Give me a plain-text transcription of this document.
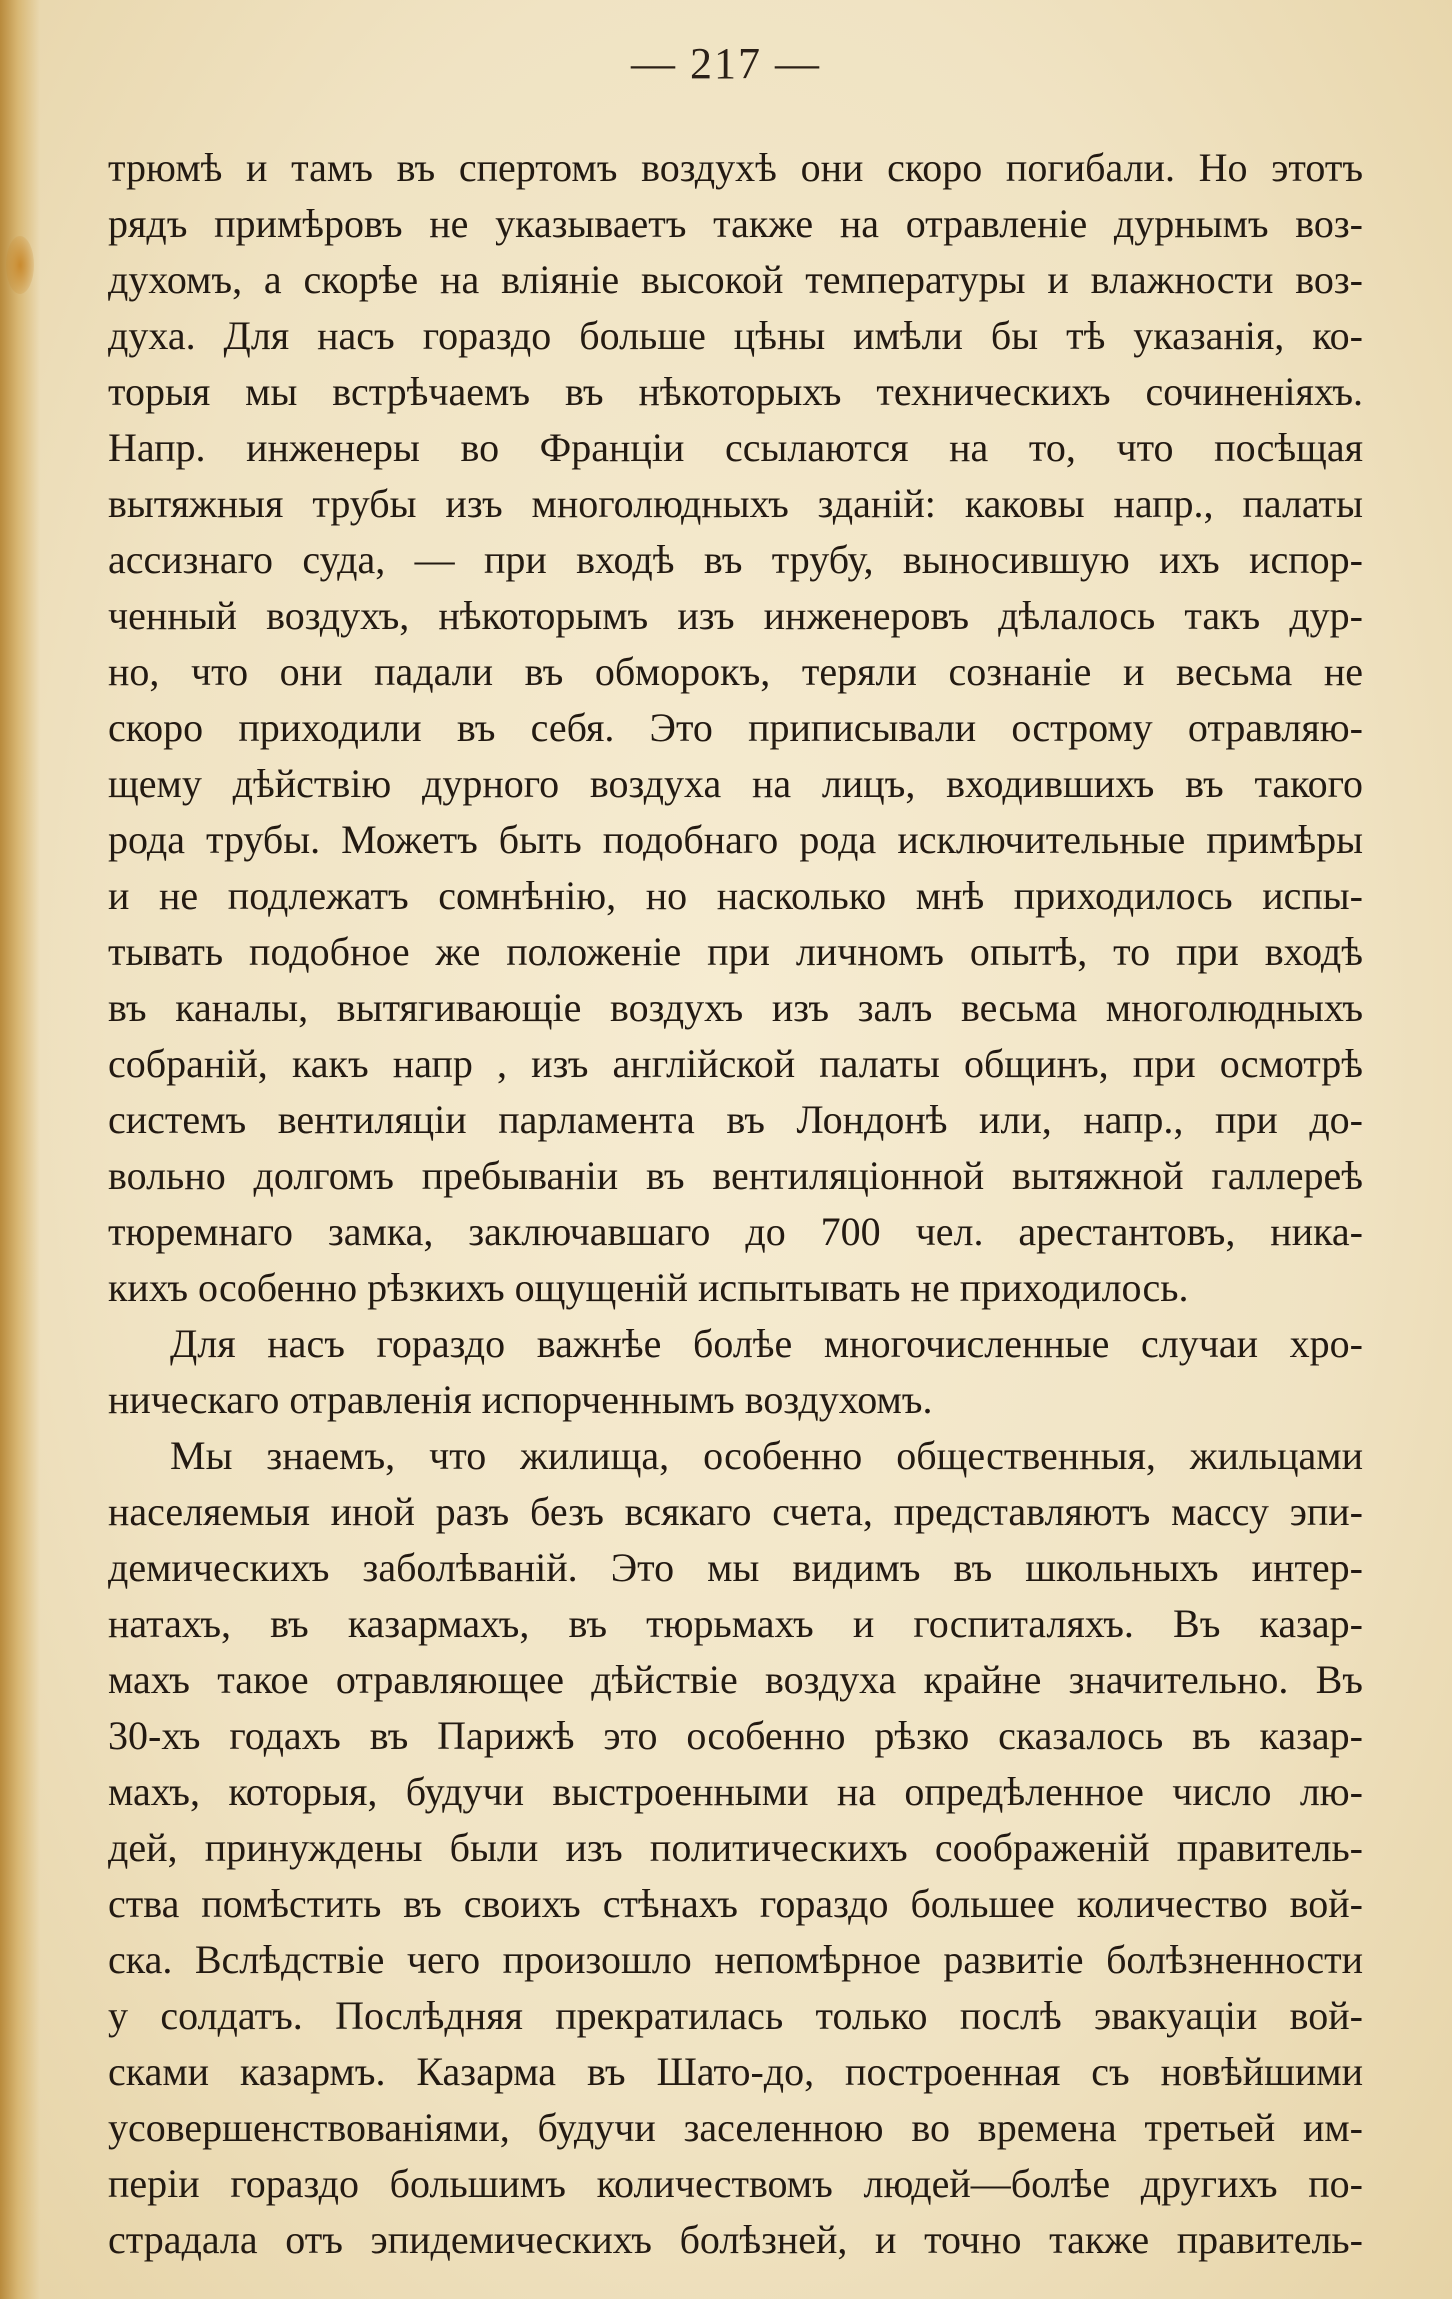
— 217 —
трюмѣ и тамъ въ спертомъ воздухѣ они скоро погибали. Но этотъ
рядъ примѣровъ не указываетъ также на отравленіе дурнымъ воз-
духомъ, а скорѣе на вліяніе высокой температуры и влажности воз-
духа. Для насъ гораздо больше цѣны имѣли бы тѣ указанія, ко-
торыя мы встрѣчаемъ въ нѣкоторыхъ техническихъ сочиненіяхъ.
Напр. инженеры во Франціи ссылаются на то, что посѣщая
вытяжныя трубы изъ многолюдныхъ зданій: каковы напр., палаты
ассизнаго суда, — при входѣ въ трубу, выносившую ихъ испор-
ченный воздухъ, нѣкоторымъ изъ инженеровъ дѣлалось такъ дур-
но, что они падали въ обморокъ, теряли сознаніе и весьма не
скоро приходили въ себя. Это приписывали острому отравляю-
щему дѣйствію дурного воздуха на лицъ, входившихъ въ такого
рода трубы. Можетъ быть подобнаго рода исключительные примѣры
и не подлежатъ сомнѣнію, но насколько мнѣ приходилось испы-
тывать подобное же положеніе при личномъ опытѣ, то при входѣ
въ каналы, вытягивающіе воздухъ изъ залъ весьма многолюдныхъ
собраній, какъ напр , изъ англійской палаты общинъ, при осмотрѣ
системъ вентиляціи парламента въ Лондонѣ или, напр., при до-
вольно долгомъ пребываніи въ вентиляціонной вытяжной галлереѣ
тюремнаго замка, заключавшаго до 700 чел. арестантовъ, ника-
кихъ особенно рѣзкихъ ощущеній испытывать не приходилось.
Для насъ гораздо важнѣе болѣе многочисленные случаи хро-
ническаго отравленія испорченнымъ воздухомъ.
Мы знаемъ, что жилища, особенно общественныя, жильцами
населяемыя иной разъ безъ всякаго счета, представляютъ массу эпи-
демическихъ заболѣваній. Это мы видимъ въ школьныхъ интер-
натахъ, въ казармахъ, въ тюрьмахъ и госпиталяхъ. Въ казар-
махъ такое отравляющее дѣйствіе воздуха крайне значительно. Въ
30-хъ годахъ въ Парижѣ это особенно рѣзко сказалось въ казар-
махъ, которыя, будучи выстроенными на опредѣленное число лю-
дей, принуждены были изъ политическихъ соображеній правитель-
ства помѣстить въ своихъ стѣнахъ гораздо большее количество вой-
ска. Вслѣдствіе чего произошло непомѣрное развитіе болѣзненности
у солдатъ. Послѣдняя прекратилась только послѣ эвакуаціи вой-
сками казармъ. Казарма въ Шато-до, построенная съ новѣйшими
усовершенствованіями, будучи заселенною во времена третьей им-
періи гораздо большимъ количествомъ людей—болѣе другихъ по-
страдала отъ эпидемическихъ болѣзней, и точно также правитель-
